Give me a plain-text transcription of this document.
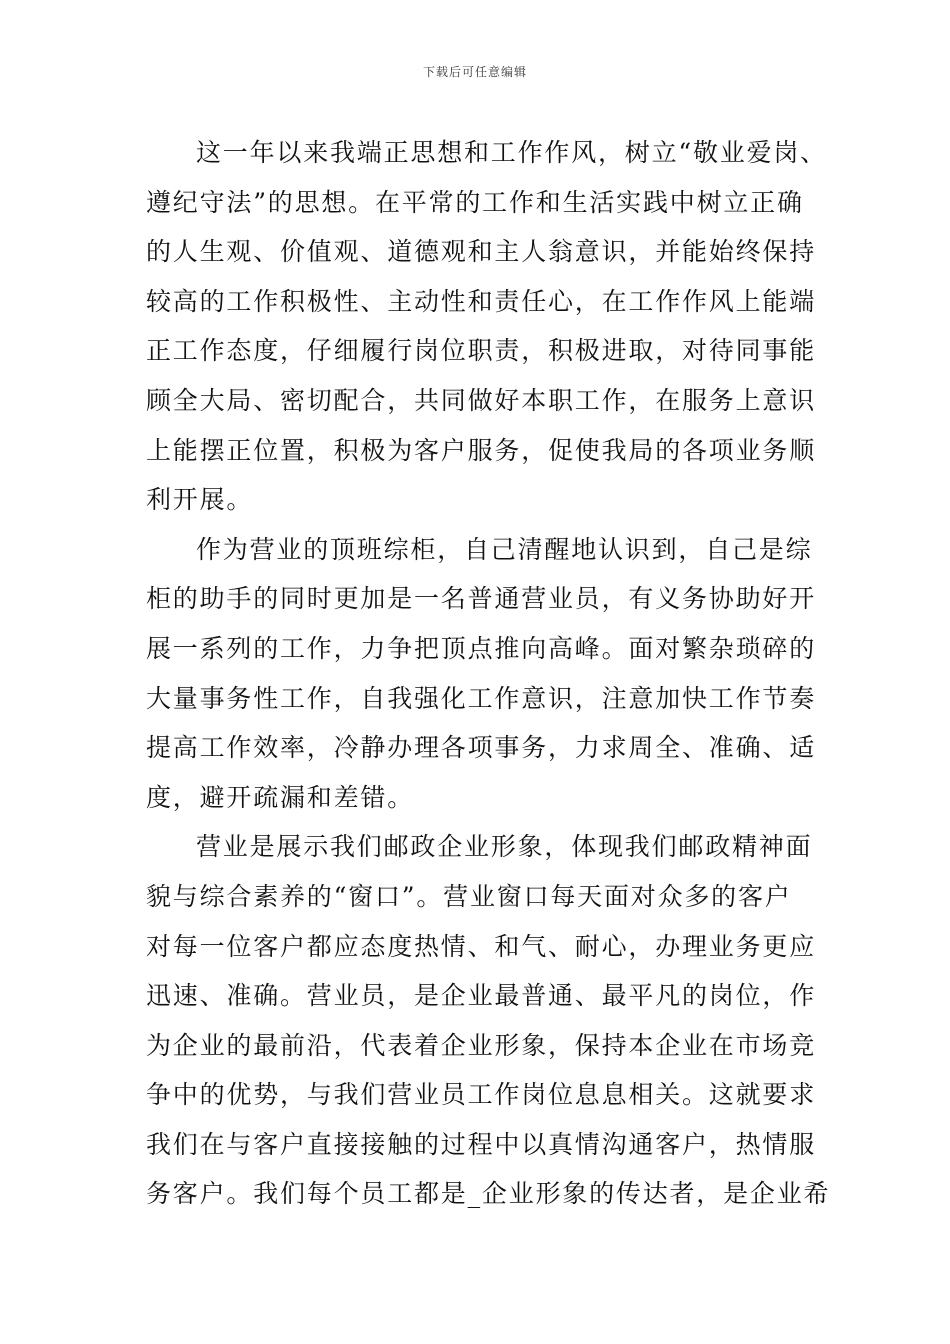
下载后可任意编辑
这一年以来我端正思想和工作作风，树立“敬业爱岗、
遵纪守法”的思想。在平常的工作和生活实践中树立正确
的人生观、价值观、道德观和主人翁意识，并能始终保持
较高的工作积极性、主动性和责任心，在工作作风上能端
正工作态度，仔细履行岗位职责，积极进取，对待同事能
顾全大局、密切配合，共同做好本职工作，在服务上意识
上能摆正位置，积极为客户服务，促使我局的各项业务顺
利开展。
作为营业的顶班综柜，自己清醒地认识到，自己是综
柜的助手的同时更加是一名普通营业员，有义务协助好开
展一系列的工作，力争把顶点推向高峰。面对繁杂琐碎的
大量事务性工作，自我强化工作意识，注意加快工作节奏
提高工作效率，冷静办理各项事务，力求周全、准确、适
度，避开疏漏和差错。
营业是展示我们邮政企业形象，体现我们邮政精神面
貌与综合素养的“窗口”。营业窗口每天面对众多的客户
对每一位客户都应态度热情、和气、耐心，办理业务更应
迅速、准确。营业员，是企业最普通、最平凡的岗位，作
为企业的最前沿，代表着企业形象，保持本企业在市场竞
争中的优势，与我们营业员工作岗位息息相关。这就要求
我们在与客户直接接触的过程中以真情沟通客户，热情服
务客户。我们每个员工都是_企业形象的传达者，是企业希
